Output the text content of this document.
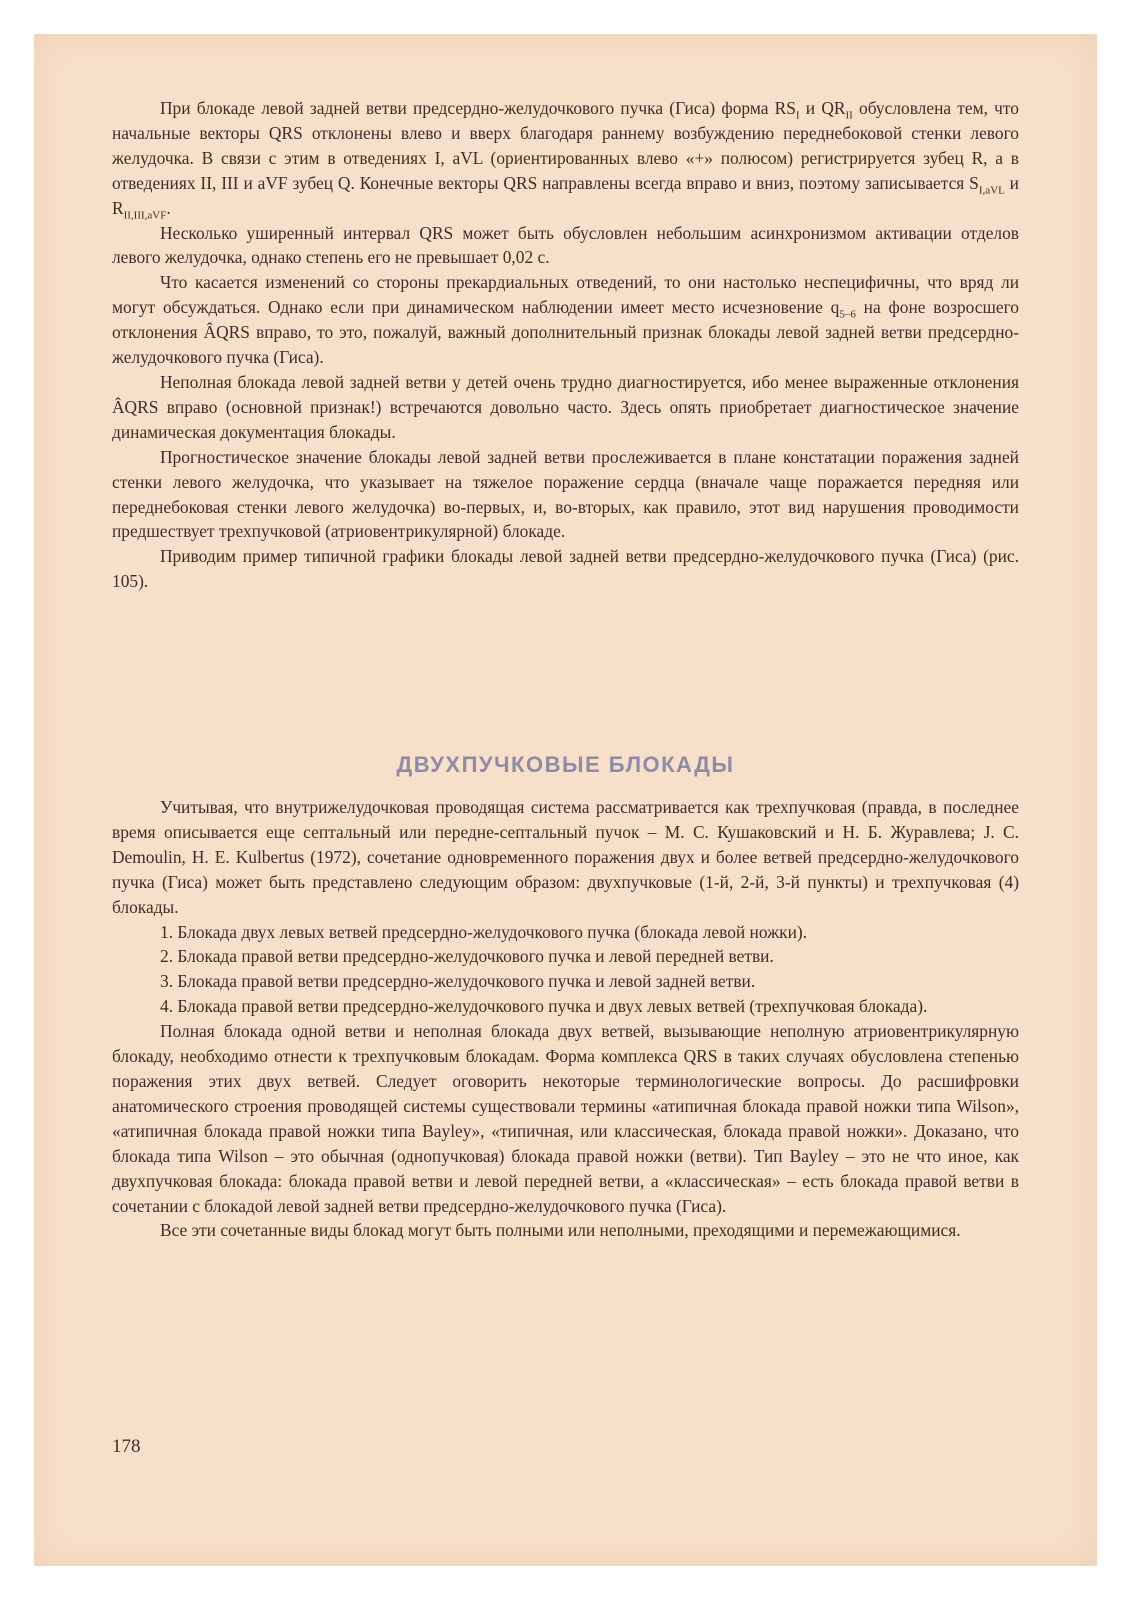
При блокаде левой задней ветви предсердно-желудочкового пучка (Гиса) форма $RS_I$ и $QR_{II}$ обусловлена тем, что начальные векторы QRS отклонены влево и вверх благодаря раннему возбуждению переднебоковой стенки левого желудочка. В связи с этим в отведениях I, aVL (ориентированных влево «+» полюсом) регистрируется зубец R, а в отведениях II, III и aVF зубец Q. Конечные векторы QRS направлены всегда вправо и вниз, поэтому записывается $S_{I,aVL}$ и $R_{II,III,aVF}$.

Несколько уширенный интервал QRS может быть обусловлен небольшим асинхронизмом активации отделов левого желудочка, однако степень его не превышает 0,02 с.

Что касается изменений со стороны прекардиальных отведений, то они настолько неспецифичны, что вряд ли могут обсуждаться. Однако если при динамическом наблюдении имеет место исчезновение $q_{5-6}$ на фоне возросшего отклонения ÂQRS вправо, то это, пожалуй, важный дополнительный признак блокады левой задней ветви предсердно-желудочкового пучка (Гиса).

Неполная блокада левой задней ветви у детей очень трудно диагностируется, ибо менее выраженные отклонения ÂQRS вправо (основной признак!) встречаются довольно часто. Здесь опять приобретает диагностическое значение динамическая документация блокады.

Прогностическое значение блокады левой задней ветви прослеживается в плане констатации поражения задней стенки левого желудочка, что указывает на тяжелое поражение сердца (вначале чаще поражается передняя или переднебоковая стенки левого желудочка) во-первых, и, во-вторых, как правило, этот вид нарушения проводимости предшествует трехпучковой (атриовентрикулярной) блокаде.

Приводим пример типичной графики блокады левой задней ветви предсердно-желудочкового пучка (Гиса) (рис. 105).

ДВУХПУЧКОВЫЕ БЛОКАДЫ

Учитывая, что внутрижелудочковая проводящая система рассматривается как трехпучковая (правда, в последнее время описывается еще септальный или передне-септальный пучок – М. С. Кушаковский и Н. Б. Журавлева; J. C. Demoulin, H. E. Kulbertus (1972), сочетание одновременного поражения двух и более ветвей предсердно-желудочкового пучка (Гиса) может быть представлено следующим образом: двухпучковые (1-й, 2-й, 3-й пункты) и трехпучковая (4) блокады.

1. Блокада двух левых ветвей предсердно-желудочкового пучка (блокада левой ножки).

2. Блокада правой ветви предсердно-желудочкового пучка и левой передней ветви.

3. Блокада правой ветви предсердно-желудочкового пучка и левой задней ветви.

4. Блокада правой ветви предсердно-желудочкового пучка и двух левых ветвей (трехпучковая блокада).

Полная блокада одной ветви и неполная блокада двух ветвей, вызывающие неполную атриовентрикулярную блокаду, необходимо отнести к трехпучковым блокадам. Форма комплекса QRS в таких случаях обусловлена степенью поражения этих двух ветвей. Следует оговорить некоторые терминологические вопросы. До расшифровки анатомического строения проводящей системы существовали термины «атипичная блокада правой ножки типа Wilson», «атипичная блокада правой ножки типа Bayley», «типичная, или классическая, блокада правой ножки». Доказано, что блокада типа Wilson – это обычная (однопучковая) блокада правой ножки (ветви). Тип Bayley – это не что иное, как двухпучковая блокада: блокада правой ветви и левой передней ветви, а «классическая» – есть блокада правой ветви в сочетании с блокадой левой задней ветви предсердно-желудочкового пучка (Гиса).

Все эти сочетанные виды блокад могут быть полными или неполными, преходящими и перемежающимися.

178
